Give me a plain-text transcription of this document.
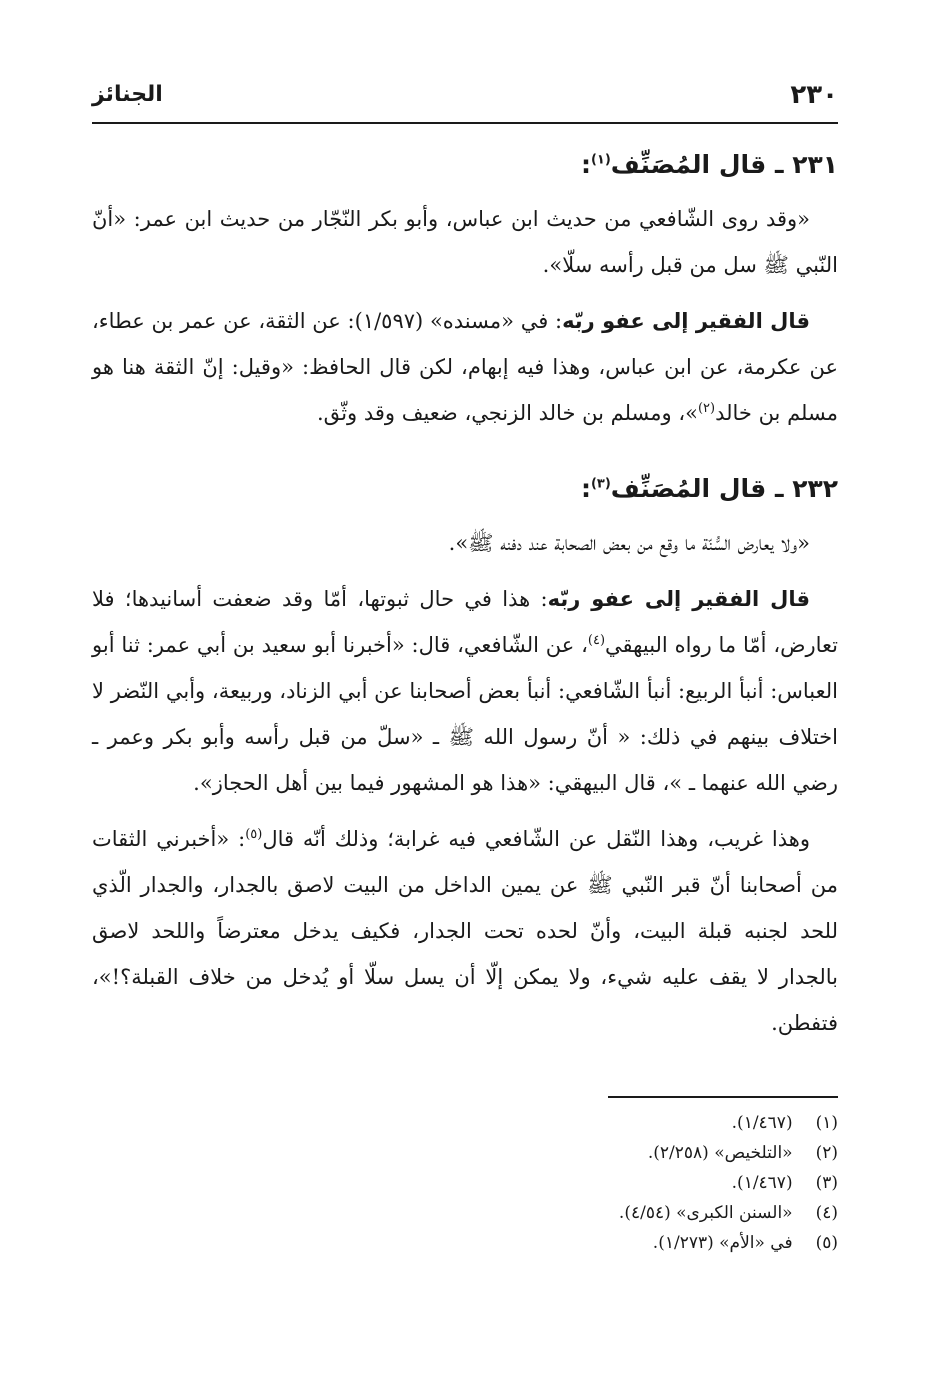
٢٣٠
الجنائز
٢٣١ ـ قال المُصَنِّف$^{(١)}$:

«وقد روى الشّافعي من حديث ابن عباس، وأبو بكر النّجّار من حديث ابن عمر: «أنّ النّبي ﷺ سل من قبل رأسه سلّا».

قال الفقير إلى عفو ربّه: في «مسنده» (١/٥٩٧): عن الثقة، عن عمر بن عطاء، عن عكرمة، عن ابن عباس، وهذا فيه إبهام، لكن قال الحافظ: «وقيل: إنّ الثقة هنا هو مسلم بن خالد$^{(٢)}$»، ومسلم بن خالد الزنجي، ضعيف وقد وثّق.

٢٣٢ ـ قال المُصَنِّف$^{(٣)}$:

«ولا يعارض السُّنّة ما وقع من بعض الصحابة عند دفنه ﷺ».

قال الفقير إلى عفو ربّه: هذا في حال ثبوتها، أمّا وقد ضعفت أسانيدها؛ فلا تعارض، أمّا ما رواه البيهقي$^{(٤)}$، عن الشّافعي، قال: «أخبرنا أبو سعيد بن أبي عمر: ثنا أبو العباس: أنبأ الربيع: أنبأ الشّافعي: أنبأ بعض أصحابنا عن أبي الزناد، وربيعة، وأبي النّضر لا اختلاف بينهم في ذلك: « أنّ رسول الله ﷺ ـ «سلّ من قبل رأسه وأبو بكر وعمر ـ رضي الله عنهما ـ »، قال البيهقي: «هذا هو المشهور فيما بين أهل الحجاز».

وهذا غريب، وهذا النّقل عن الشّافعي فيه غرابة؛ وذلك أنّه قال$^{(٥)}$: «أخبرني الثقات من أصحابنا أنّ قبر النّبي ﷺ عن يمين الداخل من البيت لاصق بالجدار، والجدار الّذي للحد لجنبه قبلة البيت، وأنّ لحده تحت الجدار، فكيف يدخل معترضاً واللحد لاصق بالجدار لا يقف عليه شيء، ولا يمكن إلّا أن يسل سلّا أو يُدخل من خلاف القبلة؟!»، فتفطن.

(١) (١/٤٦٧).
(٢) «التلخيص» (٢/٢٥٨).
(٣) (١/٤٦٧).
(٤) «السنن الكبرى» (٤/٥٤).
(٥) في «الأم» (١/٢٧٣).
